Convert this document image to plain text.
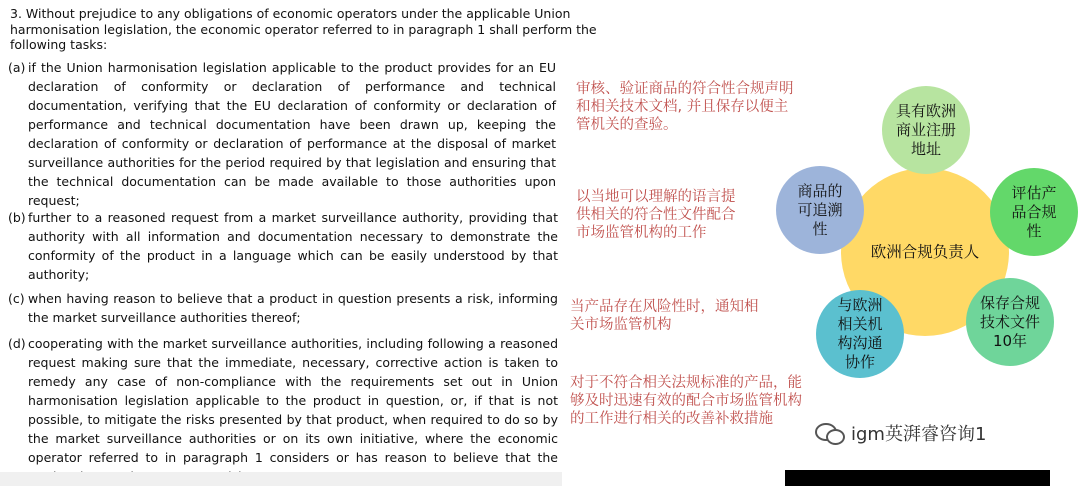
3. Without prejudice to any obligations of economic operators under the applicable Union harmonisation legislation, the economic operator referred to in paragraph 1 shall perform the following tasks:
(a) if the Union harmonisation legislation applicable to the product provides for an EU declaration of conformity or declaration of performance and technical documentation, verifying that the EU declaration of conformity or declaration of performance and technical documentation have been drawn up, keeping the declaration of conformity or declaration of performance at the disposal of market surveillance authorities for the period required by that legislation and ensuring that the technical documentation can be made available to those authorities upon request;
(b) further to a reasoned request from a market surveillance authority, providing that authority with all information and documentation necessary to demonstrate the conformity of the product in a language which can be easily understood by that authority;
(c) when having reason to believe that a product in question presents a risk, informing the market surveillance authorities thereof;
(d) cooperating with the market surveillance authorities, including following a reasoned request making sure that the immediate, necessary, corrective action is taken to remedy any case of non-compliance with the requirements set out in Union harmonisation legislation applicable to the product in question, or, if that is not possible, to mitigate the risks presented by that product, when required to do so by the market surveillance authorities or on its own initiative, where the economic operator referred to in paragraph 1 considers or has reason to believe that the
审核、验证商品的符合性合规声明和相关技术文档, 并且保存以便主管机关的查验。
以当地可以理解的语言提供相关的符合性文件配合市场监管机构的工作
当产品存在风险性时，通知相关市场监管机构
对于不符合相关法规标准的产品，能够及时迅速有效的配合市场监管机构的工作进行相关的改善补救措施
欧洲合规负责人
具有欧洲商业注册地址
商品的可追溯性
评估产品合规性
与欧洲相关机构沟通协作
保存合规技术文件10年
igm英湃睿咨询1
